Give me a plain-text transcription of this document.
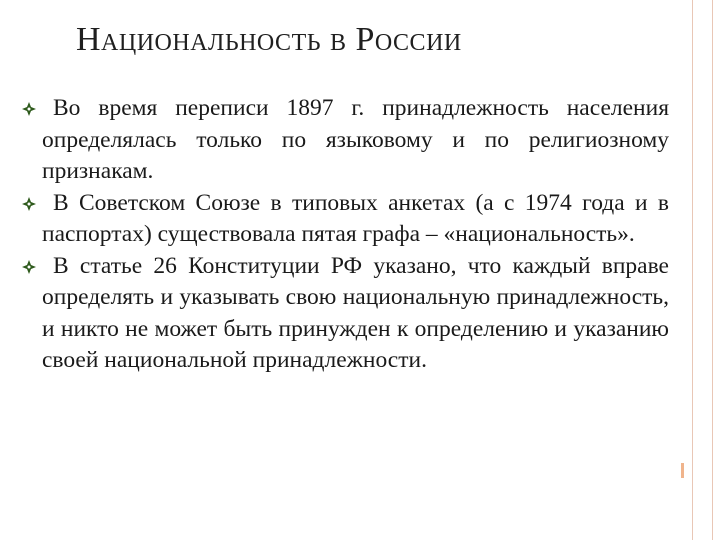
Национальность в России
Во время переписи 1897 г. принадлежность населения определялась только по языковому и по религиозному признакам.
В Советском Союзе в типовых анкетах (а с 1974 года и в паспортах) существовала пятая графа – «национальность».
В статье 26 Конституции РФ указано, что каждый вправе определять и указывать свою национальную принадлежность, и никто не может быть принужден к определению и указанию своей национальной принадлежности.
